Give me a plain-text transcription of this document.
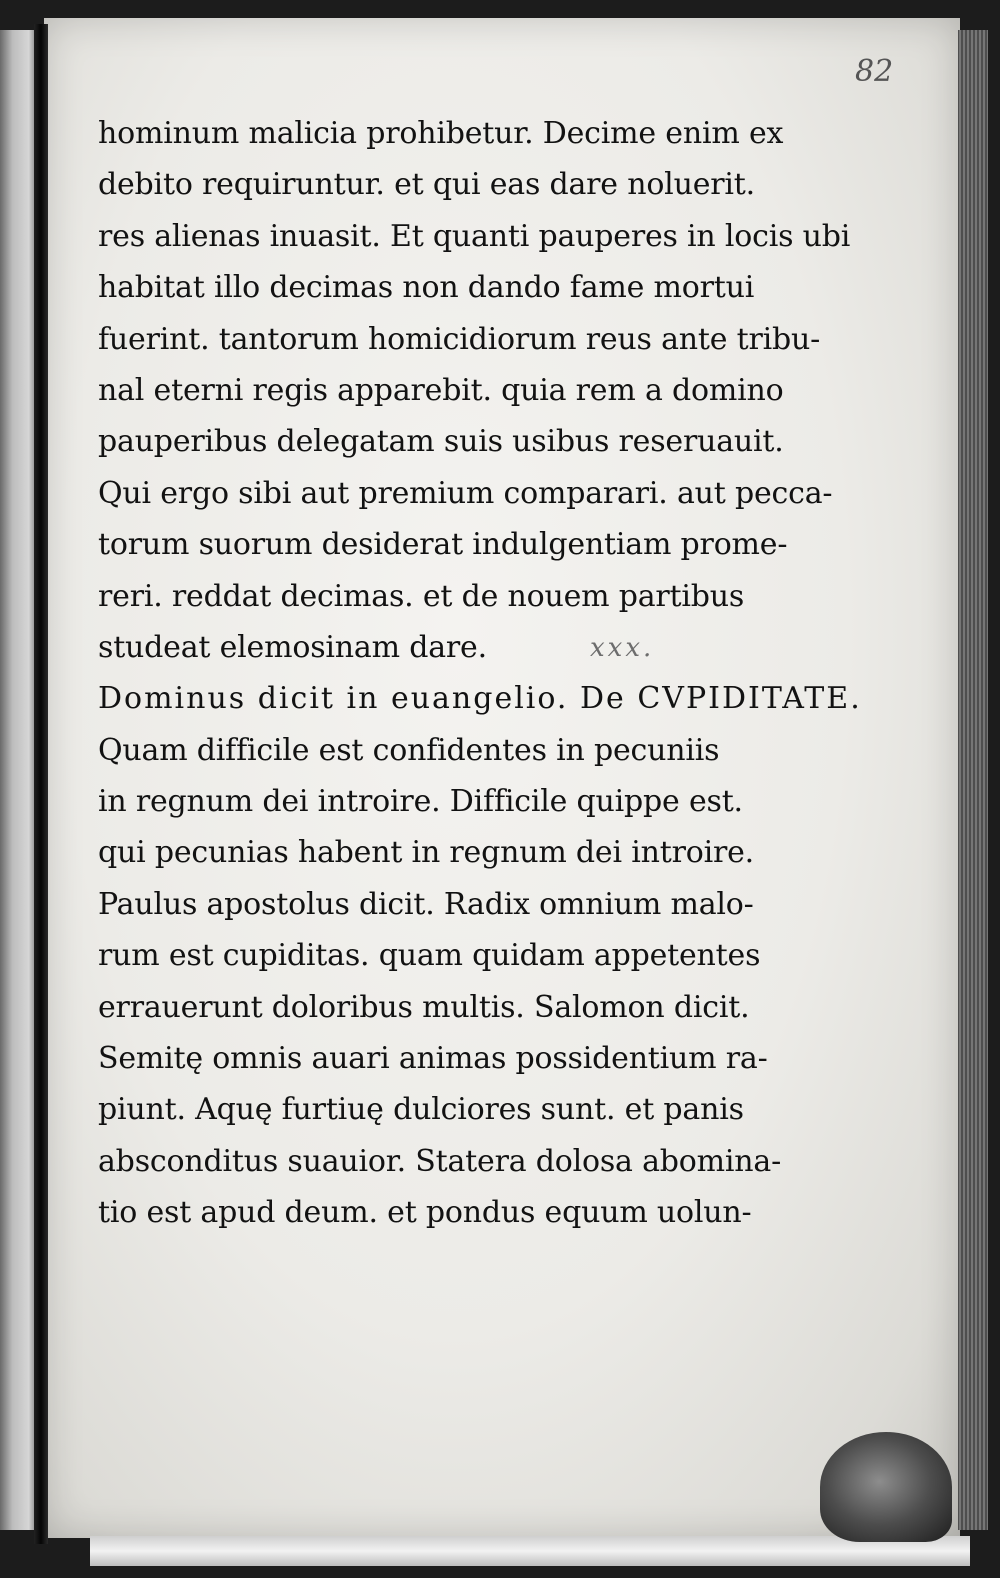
82
hominum malicia prohibetur. Decime enim ex
debito requiruntur. et qui eas dare noluerit.
res alienas inuasit. Et quanti pauperes in locis ubi
habitat illo decimas non dando fame mortui
fuerint. tantorum homicidiorum reus ante tribu-
nal eterni regis apparebit. quia rem a domino
pauperibus delegatam suis usibus reseruauit.
Qui ergo sibi aut premium comparari. aut pecca-
torum suorum desiderat indulgentiam prome-
reri. reddat decimas. et de nouem partibus
studeat elemosinam dare.
Dominus dicit in euangelio. De CVPIDITATE.
Quam difficile est confidentes in pecuniis
in regnum dei introire. Difficile quippe est.
qui pecunias habent in regnum dei introire.
Paulus apostolus dicit. Radix omnium malo-
rum est cupiditas. quam quidam appetentes
errauerunt doloribus multis. Salomon dicit.
Semitę omnis auari animas possidentium ra-
piunt. Aquę furtiuę dulciores sunt. et panis
absconditus suauior. Statera dolosa abomina-
tio est apud deum. et pondus equum uolun-
xxx.
